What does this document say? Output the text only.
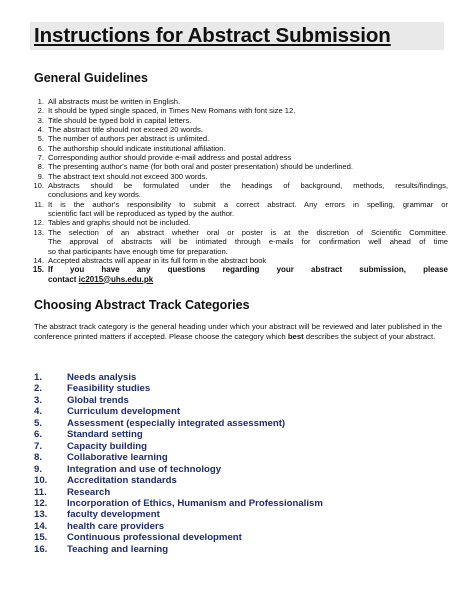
Instructions for Abstract Submission
General Guidelines
1. All abstracts must be written in English.
2. It should be typed single spaced, in Times New Romans with font size 12.
3. Title should be typed bold in capital letters.
4. The abstract title should not exceed 20 words.
5. The number of authors per abstract is unlimited.
6. The authorship should indicate institutional affiliation.
7. Corresponding author should provide e-mail address and postal address
8. The presenting author's name (for both oral and poster presentation) should be underlined.
9. The abstract text should not exceed 300 words.
10. Abstracts should be formulated under the headings of background, methods, results/findings,
conclusions and key words.
11. It is the author's responsibility to submit a correct abstract. Any errors in spelling, grammar or
scientific fact will be reproduced as typed by the author.
12. Tables and graphs should not be included.
13. The selection of an abstract whether oral or poster is at the discretion of Scientific Committee.
The approval of abstracts will be intimated through e-mails for confirmation well ahead of time
so that participants have enough time for preparation.
14. Accepted abstracts will appear in its full form in the abstract book
15. If you have any questions regarding your abstract submission, please
contact ic2015@uhs.edu.pk
Choosing Abstract Track Categories
The abstract track category is the general heading under which your abstract will be reviewed and later published in the conference printed matters if accepted. Please choose the category which best describes the subject of your abstract.
1.	Needs analysis
2.	Feasibility studies
3.	Global trends
4.	Curriculum development
5.	Assessment (especially integrated assessment)
6.	Standard setting
7.	Capacity building
8.	Collaborative learning
9.	Integration and use of technology
10.	Accreditation standards
11.	Research
12.	Incorporation of Ethics, Humanism and Professionalism
13.	faculty development
14.	health care providers
15.	Continuous professional development
16.	Teaching and learning
